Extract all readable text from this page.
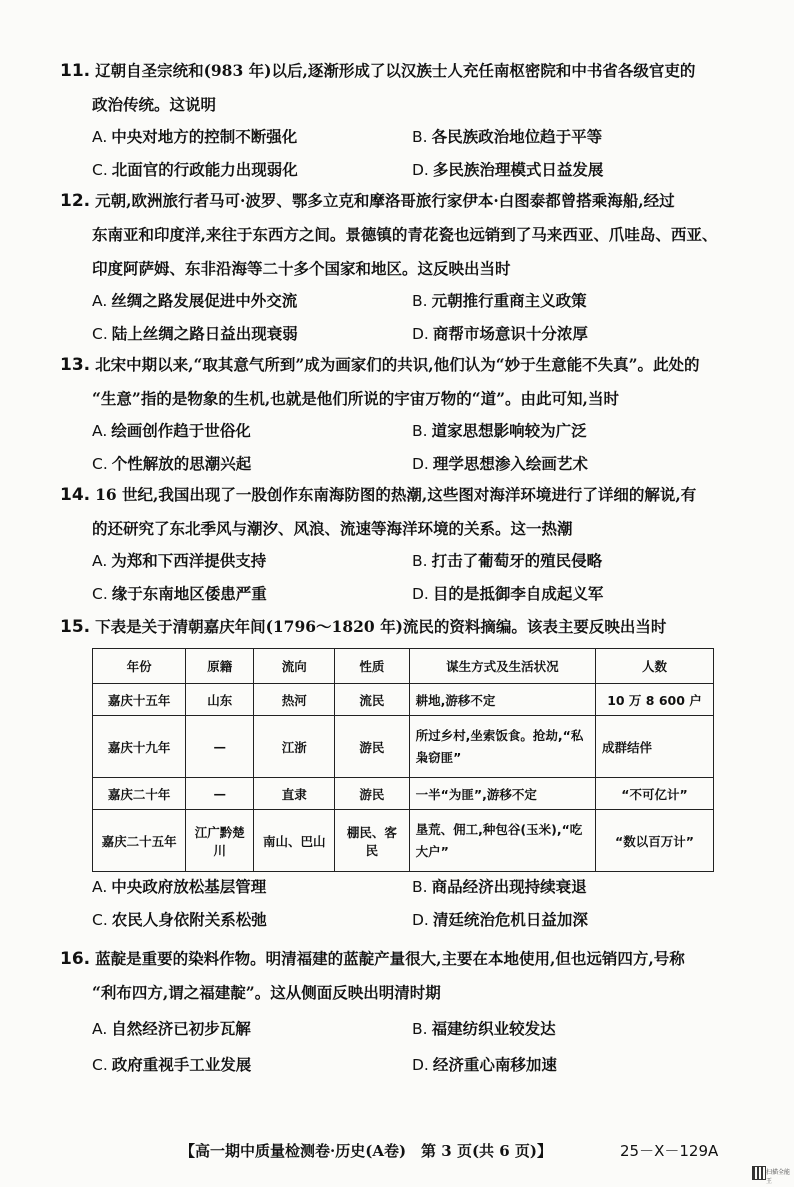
11. 辽朝自圣宗统和(983 年)以后,逐渐形成了以汉族士人充任南枢密院和中书省各级官吏的
政治传统。这说明
A. 中央对地方的控制不断强化	B. 各民族政治地位趋于平等
C. 北面官的行政能力出现弱化	D. 多民族治理模式日益发展
12. 元朝,欧洲旅行者马可·波罗、鄂多立克和摩洛哥旅行家伊本·白图泰都曾搭乘海船,经过
东南亚和印度洋,来往于东西方之间。景德镇的青花瓷也远销到了马来西亚、爪哇岛、西亚、
印度阿萨姆、东非沿海等二十多个国家和地区。这反映出当时
A. 丝绸之路发展促进中外交流	B. 元朝推行重商主义政策
C. 陆上丝绸之路日益出现衰弱	D. 商帮市场意识十分浓厚
13. 北宋中期以来,“取其意气所到”成为画家们的共识,他们认为“妙于生意能不失真”。此处的
“生意”指的是物象的生机,也就是他们所说的宇宙万物的“道”。由此可知,当时
A. 绘画创作趋于世俗化	B. 道家思想影响较为广泛
C. 个性解放的思潮兴起	D. 理学思想渗入绘画艺术
14. 16 世纪,我国出现了一股创作东南海防图的热潮,这些图对海洋环境进行了详细的解说,有
的还研究了东北季风与潮汐、风浪、流速等海洋环境的关系。这一热潮
A. 为郑和下西洋提供支持	B. 打击了葡萄牙的殖民侵略
C. 缘于东南地区倭患严重	D. 目的是抵御李自成起义军
15. 下表是关于清朝嘉庆年间(1796～1820 年)流民的资料摘编。该表主要反映出当时
年份	原籍	流向	性质	谋生方式及生活状况	人数
嘉庆十五年	山东	热河	流民	耕地,游移不定	10 万 8 600 户
嘉庆十九年	—	江浙	游民	所过乡村,坐索饭食。抢劫,“私枭窃匪”	成群结伴
嘉庆二十年	—	直隶	游民	一半“为匪”,游移不定	“不可亿计”
嘉庆二十五年	江广黔楚川	南山、巴山	棚民、客民	垦荒、佣工,种包谷(玉米),“吃大户”	“数以百万计”
A. 中央政府放松基层管理	B. 商品经济出现持续衰退
C. 农民人身依附关系松弛	D. 清廷统治危机日益加深
16. 蓝靛是重要的染料作物。明清福建的蓝靛产量很大,主要在本地使用,但也远销四方,号称
“利布四方,谓之福建靛”。这从侧面反映出明清时期
A. 自然经济已初步瓦解	B. 福建纺织业较发达
C. 政府重视手工业发展	D. 经济重心南移加速
【高一期中质量检测卷·历史(A卷)　第 3 页(共 6 页)】	25－X－129A
扫描全能王
